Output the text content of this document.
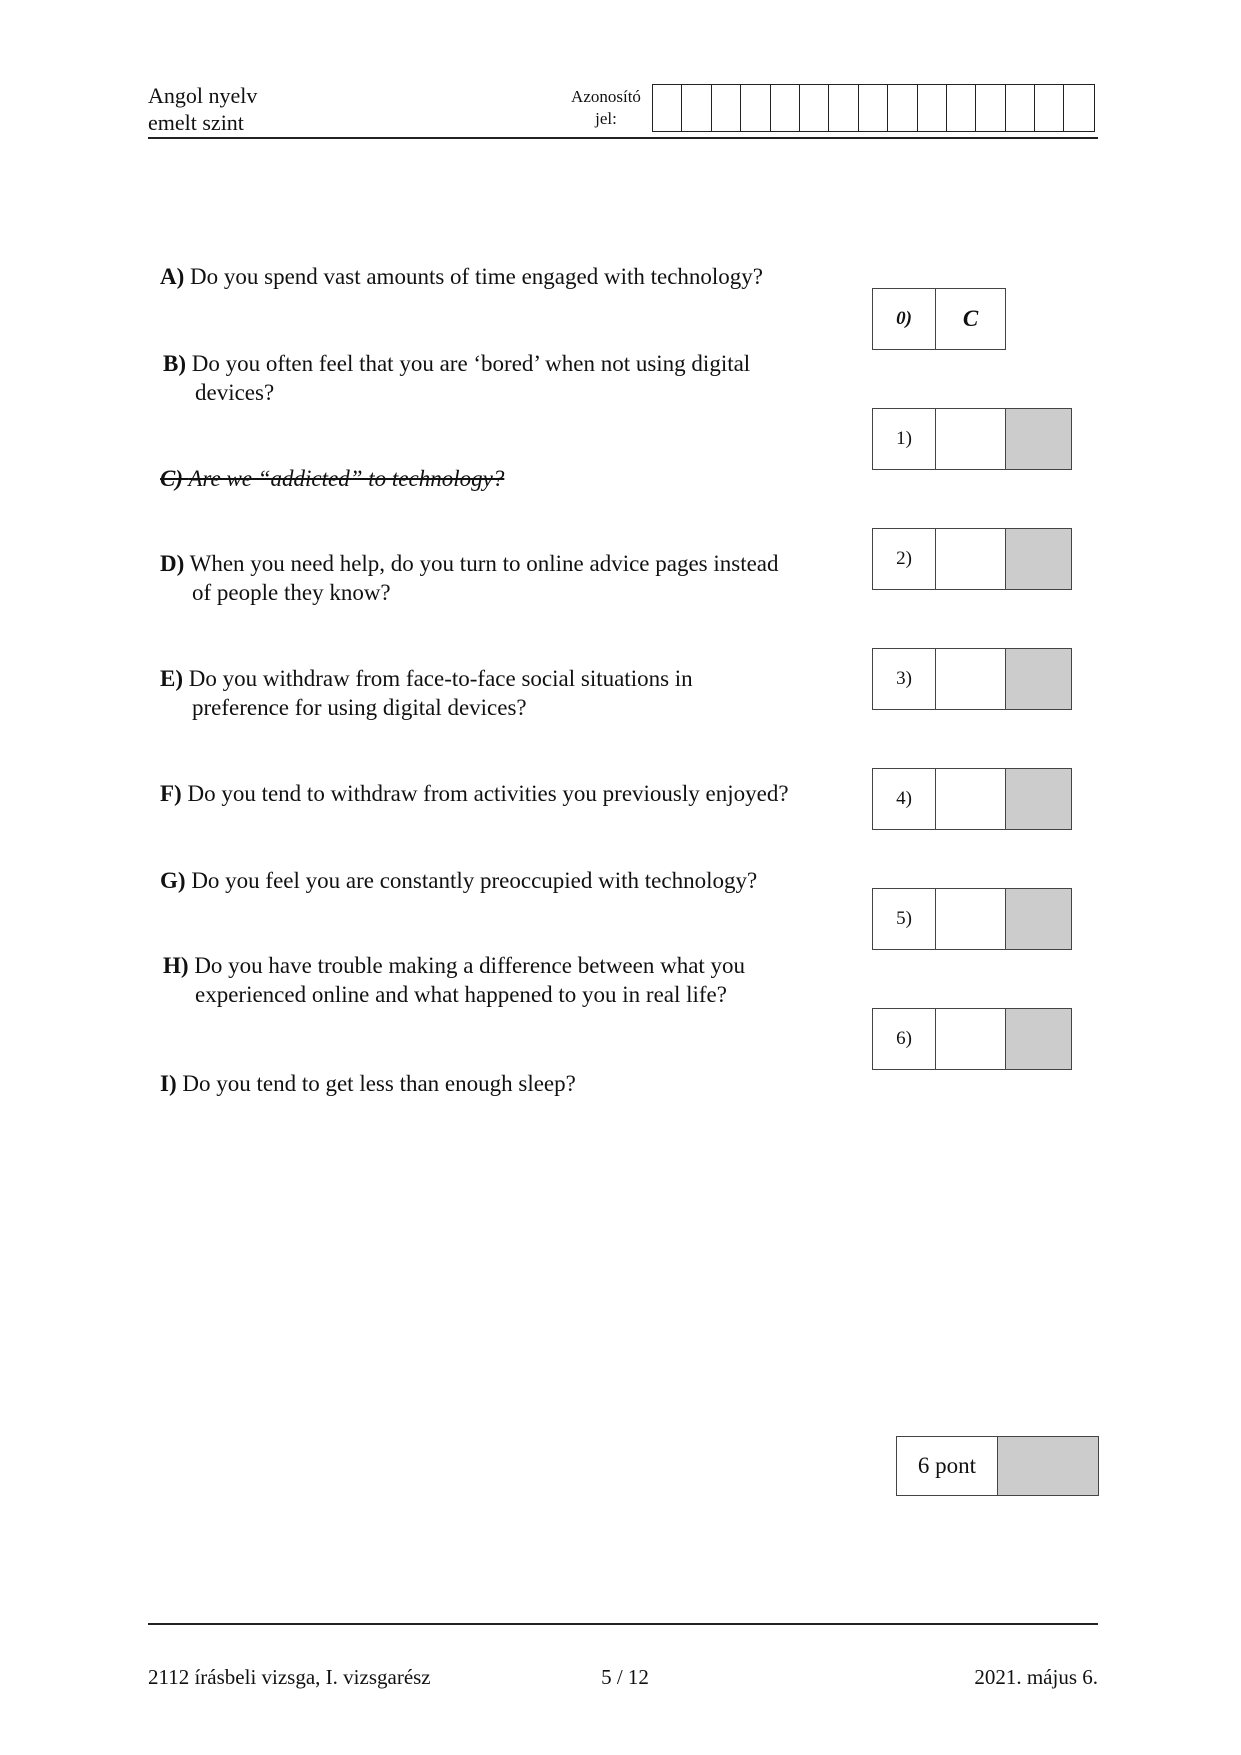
Angol nyelv
emelt szint
Azonosító
jel:
A) Do you spend vast amounts of time engaged with technology?
B) Do you often feel that you are ‘bored’ when not using digital
devices?
C) Are we “addicted” to technology?
D) When you need help, do you turn to online advice pages instead
of people they know?
E) Do you withdraw from face-to-face social situations in
preference for using digital devices?
F) Do you tend to withdraw from activities you previously enjoyed?
G) Do you feel you are constantly preoccupied with technology?
H) Do you have trouble making a difference between what you
experienced online and what happened to you in real life?
I) Do you tend to get less than enough sleep?
0)	C
1)
2)
3)
4)
5)
6)
6 pont
2112 írásbeli vizsga, I. vizsgarész	5 / 12	2021. május 6.
